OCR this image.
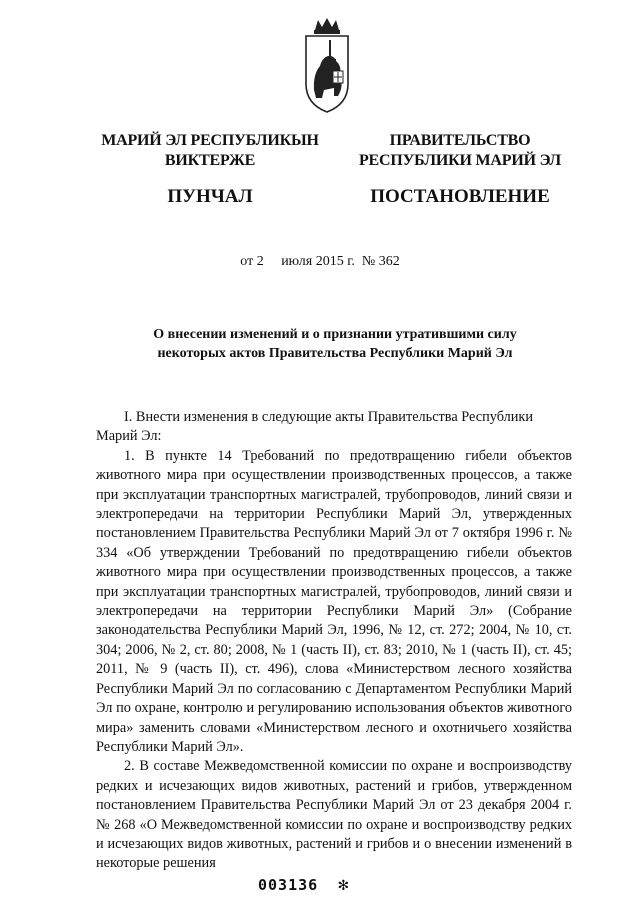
МАРИЙ ЭЛ РЕСПУБЛИКЫН
ВИКТЕРЖЕ
ПУНЧАЛ
ПРАВИТЕЛЬСТВО
РЕСПУБЛИКИ МАРИЙ ЭЛ
ПОСТАНОВЛЕНИЕ
от 2 июля 2015 г. № 362
О внесении изменений и о признании утратившими силу
некоторых актов Правительства Республики Марий Эл

I. Внести изменения в следующие акты Правительства Республики

Марий Эл:

1. В пункте 14 Требований по предотвращению гибели объектов животного мира при осуществлении производственных процессов, а также при эксплуатации транспортных магистралей, трубопроводов, линий связи и электропередачи на территории Республики Марий Эл, утвержденных постановлением Правительства Республики Марий Эл от 7 октября 1996 г. № 334 «Об утверждении Требований по предотвращению гибели объектов животного мира при осуществлении производственных процессов, а также при эксплуатации транспортных магистралей, трубопроводов, линий связи и электропередачи на территории Республики Марий Эл» (Собрание законодательства Республики Марий Эл, 1996, № 12, ст. 272; 2004, № 10, ст. 304; 2006, № 2, ст. 80; 2008, № 1 (часть II), ст. 83; 2010, № 1 (часть II), ст. 45; 2011, № 9 (часть II), ст. 496), слова «Министерством лесного хозяйства Республики Марий Эл по согласованию с Департаментом Республики Марий Эл по охране, контролю и регулированию использования объектов животного мира» заменить словами «Министерством лесного и охотничьего хозяйства Республики Марий Эл».

2. В составе Межведомственной комиссии по охране и воспроизводству редких и исчезающих видов животных, растений и грибов, утвержденном постановлением Правительства Республики Марий Эл от 23 декабря 2004 г. № 268 «О Межведомственной комиссии по охране и воспроизводству редких и исчезающих видов животных, растений и грибов и о внесении изменений в некоторые решения

003136 ✻
